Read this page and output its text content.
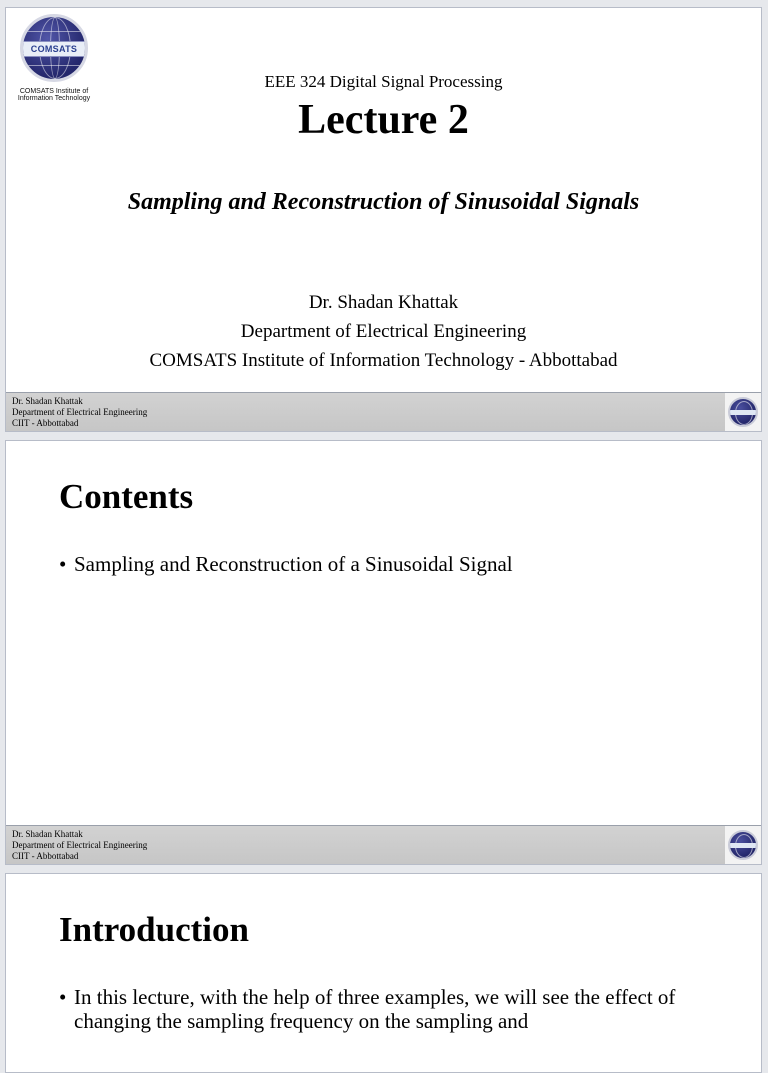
COMSATS
COMSATS Institute of
Information Technology
EEE 324 Digital Signal Processing
Lecture 2
Sampling and Reconstruction of Sinusoidal Signals
Dr. Shadan Khattak
Department of Electrical Engineering
COMSATS Institute of Information Technology - Abbottabad
Dr. Shadan Khattak
Department of Electrical Engineering
CIIT - Abbottabad
Contents
• Sampling and Reconstruction of a Sinusoidal Signal
Dr. Shadan Khattak
Department of Electrical Engineering
CIIT - Abbottabad
Introduction
• In this lecture, with the help of three examples, we will see the effect of changing the sampling frequency on the sampling and
